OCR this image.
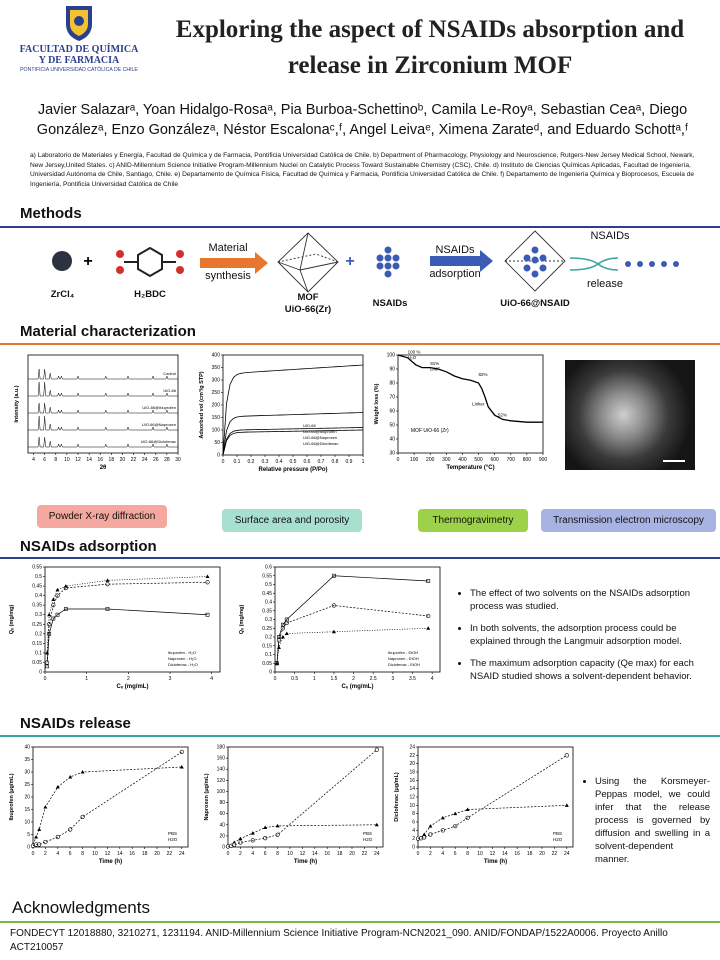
FACULTAD DE QUÍMICA
Y DE FARMACIA
PONTIFICIA UNIVERSIDAD CATÓLICA DE CHILE
Exploring the aspect of NSAIDs absorption and release in Zirconium MOF
Javier Salazarᵃ, Yoan Hidalgo-Rosaᵃ, Pia Burboa-Schettinoᵇ, Camila Le-Royᵃ, Sebastian Ceaᵃ, Diego Gonzálezᵃ, Enzo Gonzálezᵃ, Néstor Escalonaᶜ,ᶠ, Angel Leivaᵉ, Ximena Zarateᵈ, and Eduardo Schottᵃ,ᶠ
a) Laboratorio de Materiales y Energía, Facultad de Química y de Farmacia, Pontificia Universidad Católica de Chile. b) Department of Pharmacology, Physiology and Neuroscience, Rutgers-New Jersey Medical School, Newark, New Jersey,United States. c) ANID-Millennium Science Initiative Program-Millennium Nuclei on Catalytic Process Toward Sustainable Chemistry (CSC), Chile. d) Instituto de Ciencias Químicas Aplicadas, Facultad de Ingeniería, Universidad Autónoma de Chile, Santiago, Chile. e) Departamento de Química Física, Facultad de Química y Farmacia, Pontificia Universidad Católica de Chile. f) Departamento de Ingeniería Química y Bioprocesos, Escuela de Ingeniería, Pontificia Universidad Católica de Chile
Methods
+	+
ZrCl₄	H₂BDC
Material
synthesis
MOF
UiO-66(Zr)
NSAIDs
NSAIDs
adsorption
UiO-66@NSAID
NSAIDs
release
Material characterization
4 6 8 10 12 14 16 18 20 22 24 26 28 30
2θ
Intensity (a.u.)
UiO-66@Diclofenac
UiO-66@Naproxen
UiO-66@Ibuprofen
UiO-66
Control
0 0.1 0.2 0.3 0.4 0.5 0.6 0.7 0.8 0.9 1
0
50
100
150
200
250
300
350
400
Relative pressure (P/Po)
Adsorbed vol (cm³/g STP)	UiO-66
UiO-66@Ibuprofen
UiO-66@Naproxen
UiO-66@Diclofenac
0 100 200 300 400 500 600 700 800 900
30
40
50
60
70
80
90
100
Temperature (°C)
Weight loss (%)
100 %
H₂O
91%
DMF
82%
Linker
52%
MOF UiO-66 (Zr)
Powder X-ray diffraction	Surface area and porosity	Thermogravimetry	Transmission electron microscopy
NSAIDs adsorption
0	1	2	3	4
0
0.05
0.1
0.15
0.2
0.25
0.3
0.35
0.4
0.45
0.5
0.55
Cₑ (mg/mL)
Qₑ (mg/mg)
Ibuprofen - H₂O
Naproxen - H₂O
Diclofenac - H₂O
0	0.5	1	1.5	2	2.5	3	3.5	4
0
0.05
0.1
0.15
0.2
0.25
0.3
0.35
0.4
0.45
0.5
0.55
0.6
Cₑ (mg/mL)
Qₑ (mg/mg)
Ibuprofen - EtOH
Naproxen - EtOH
Diclofenac - EtOH
• The effect of two solvents on the NSAIDs adsorption process was studied.
• In both solvents, the adsorption process could be explained through the Langmuir adsorption model.
• The maximum adsorption capacity (Qe max) for each NSAID studied shows a solvent-dependent behavior.
NSAIDs release
0 2 4 6 8 10 12 14 16 18 20 22 24
0
5
10
15
20
25
30
35
40
Time (h)
Ibuprofen (μg/mL)
PBS
H2O
0 2 4 6 8 10 12 14 16 18 20 22 24
0
20
40
60
80
100
120
140
160
180
Time (h)
Naproxen (μg/mL)
PBS
H2O
0 2 4 6 8 10 12 14 16 18 20 22 24
0
2
4
6
8
10
12
14
16
18
20
22
24
Time (h)
Diclofenac (μg/mL)
PBS
H2O
• Using the Korsmeyer-Peppas model, we could infer that the release process is governed by diffusion and swelling in a solvent-dependent manner.
Acknowledgments
FONDECYT 12018880, 3210271, 1231194. ANID-Millennium Science Initiative Program-NCN2021_090. ANID/FONDAP/1522A0006. Proyecto Anillo ACT210057
